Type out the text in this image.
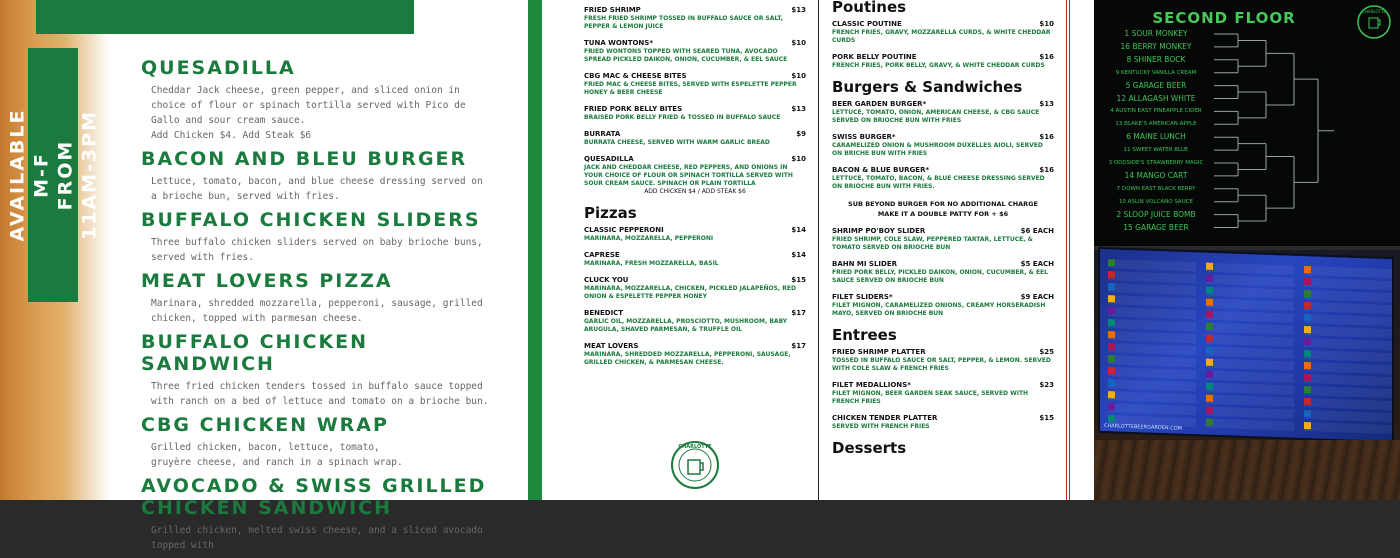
AVAILABLE M-F
FROM 11AM-3PM
QUESADILLA
Cheddar Jack cheese, green pepper, and sliced onion in choice of flour or spinach tortilla served with Pico de Gallo and sour cream sauce.
Add Chicken $4. Add Steak $6
BACON AND BLEU BURGER
Lettuce, tomato, bacon, and blue cheese dressing served on a brioche bun, served with fries.
BUFFALO CHICKEN SLIDERS
Three buffalo chicken sliders served on baby brioche buns, served with fries.
MEAT LOVERS PIZZA
Marinara, shredded mozzarella, pepperoni, sausage, grilled chicken, topped with parmesan cheese.
BUFFALO CHICKEN SANDWICH
Three fried chicken tenders tossed in buffalo sauce topped with ranch on a bed of lettuce and tomato on a brioche bun.
CBG CHICKEN WRAP
Grilled chicken, bacon, lettuce, tomato,
gruyère cheese, and ranch in a spinach wrap.
AVOCADO & SWISS GRILLED CHICKEN SANDWICH
Grilled chicken, melted swiss cheese, and a sliced avocado topped with
FRIED SHRIMP	$13
FRESH FRIED SHRIMP TOSSED IN BUFFALO SAUCE OR SALT, PEPPER & LEMON JUICE
TUNA WONTONS*	$10
FRIED WONTONS TOPPED WITH SEARED TUNA, AVOCADO SPREAD PICKLED DAIKON, ONION, CUCUMBER, & EEL SAUCE
CBG MAC & CHEESE BITES	$10
FRIED MAC & CHEESE BITES, SERVED WITH ESPELETTE PEPPER HONEY & BEER CHEESE
FRIED PORK BELLY BITES	$13
BRAISED PORK BELLY FRIED & TOSSED IN BUFFALO SAUCE
BURRATA	$9
BURRATA CHEESE, SERVED WITH WARM GARLIC BREAD
QUESADILLA	$10
JACK AND CHEDDAR CHEESE, RED PEPPERS, AND ONIONS IN YOUR CHOICE OF FLOUR OR SPINACH TORTILLA SERVED WITH SOUR CREAM SAUCE. SPINACH OR PLAIN TORTILLA
ADD CHICKEN $4 / ADD STEAK $6
Pizzas
CLASSIC PEPPERONI	$14
MARINARA, MOZZARELLA, PEPPERONI
CAPRESE	$14
MARINARA, FRESH MOZZARELLA, BASIL
CLUCK YOU	$15
MARINARA, MOZZARELLA, CHICKEN, PICKLED JALAPEÑOS, RED ONION & ESPELETTE PEPPER HONEY
BENEDICT	$17
GARLIC OIL, MOZZARELLA, PROSCIOTTO, MUSHROOM, BABY ARUGULA, SHAVED PARMESAN, & TRUFFLE OIL
MEAT LOVERS	$17
MARINARA, SHREDDED MOZZARELLA, PEPPERONI, SAUSAGE, GRILLED CHICKEN, & PARMESAN CHEESE.
Poutines
CLASSIC POUTINE	$10
FRENCH FRIES, GRAVY, MOZZARELLA CURDS, & WHITE CHEDDAR CURDS
PORK BELLY POUTINE	$16
FRENCH FRIES, PORK BELLY, GRAVY, & WHITE CHEDDAR CURDS
Burgers & Sandwiches
BEER GARDEN BURGER*	$13
LETTUCE, TOMATO, ONION, AMERICAN CHEESE, & CBG SAUCE SERVED ON BRIOCHE BUN WITH FRIES
SWISS BURGER*	$16
CARAMELIZED ONION & MUSHROOM DUXELLES AIOLI, SERVED ON BRICHE BUN WITH FRIES
BACON & BLUE BURGER*	$16
LETTUCE, TOMATO, BACON, & BLUE CHEESE DRESSING SERVED ON BRIOCHE BUN WITH FRIES.
SUB BEYOND BURGER FOR NO ADDITIONAL CHARGE
MAKE IT A DOUBLE PATTY FOR + $6
SHRIMP PO'BOY SLIDER	$6 EACH
FRIED SHRIMP, COLE SLAW, PEPPERED TARTAR, LETTUCE, & TOMATO SERVED ON BRIOCHE BUN
BAHN MI SLIDER	$5 EACH
FRIED PORK BELLY, PICKLED DAIKON, ONION, CUCUMBER, & EEL SAUCE SERVED ON BRIOCHE BUN
FILET SLIDERS*	$9 EACH
FILET MIGNON, CARAMELIZED ONIONS, CREAMY HORSERADISH MAYO, SERVED ON BRIOCHE BUN
Entrees
FRIED SHRIMP PLATTER	$25
TOSSED IN BUFFALO SAUCE OR SALT, PEPPER, & LEMON. SERVED WITH COLE SLAW & FRENCH FRIES
FILET MEDALLIONS*	$23
FILET MIGNON, BEER GARDEN SEAK SAUCE, SERVED WITH FRENCH FRIES
CHICKEN TENDER PLATTER	$15
SERVED WITH FRENCH FRIES
Desserts
CHARLOTTE
SECOND FLOOR
1 SOUR MONKEY
16 BERRY MONKEY
8 SHINER BOCK
9 KENTUCKY VANILLA CREAM
5 GARAGE BEER
12 ALLAGASH WHITE
4 AUSTIN EAST PINEAPPLE CIDER
13 BLAKE'S AMERICAN APPLE
6 MAINE LUNCH
11 SWEET WATER BLUE
3 ODDSIDE'S STRAWBERRY MAGIC
14 MANGO CART
7 DOWN EAST BLACK BERRY
10 ASLIN VOLCANO SAUCE
2 SLOOP JUICE BOMB
15 GARAGE BEER
CHARLOTTE
CHARLOTTEBEERGARDEN.COM
